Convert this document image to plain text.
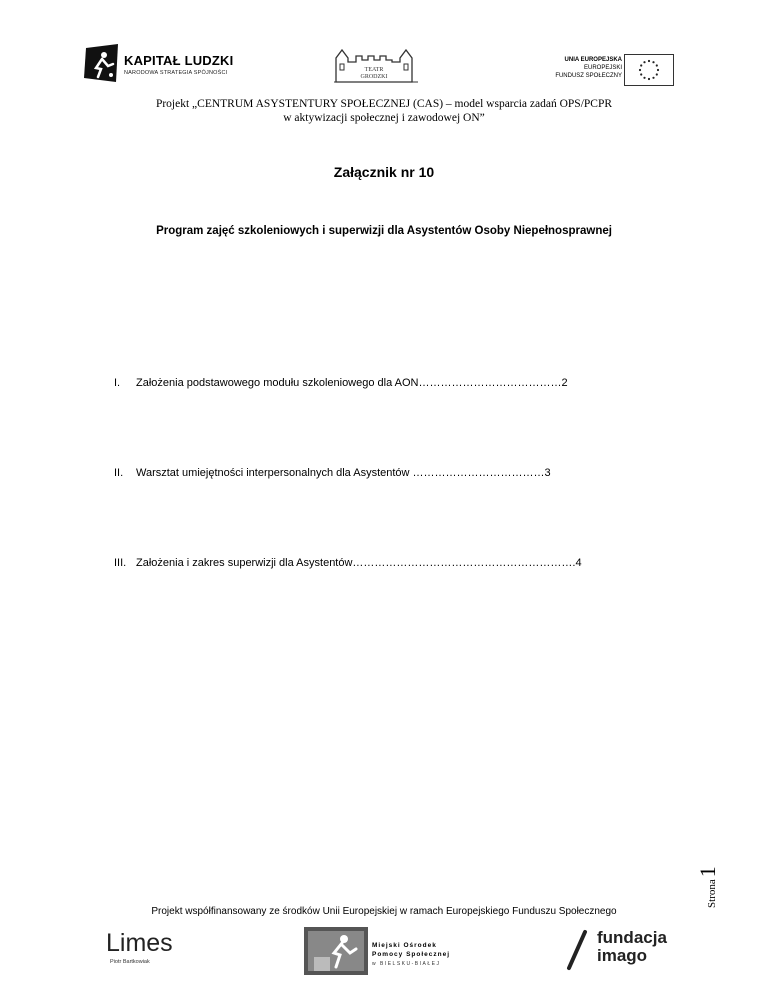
KAPITAŁ LUDZKI
NARODOWA STRATEGIA SPÓJNOŚCI	TEATR
GRODZKI
UNIA EUROPEJSKA
EUROPEJSKI
FUNDUSZ SPOŁECZNY
Projekt „CENTRUM ASYSTENTURY SPOŁECZNEJ (CAS) – model wsparcia zadań OPS/PCPR
w aktywizacji społecznej i zawodowej ON”
Załącznik nr 10
Program zajęć szkoleniowych i superwizji dla Asystentów Osoby Niepełnosprawnej
I.	Założenia podstawowego modułu szkoleniowego dla AON…………………………………2
II.	Warsztat umiejętności interpersonalnych dla Asystentów ………………………………3
III. Założenia i zakres superwizji dla Asystentów…………………………………………………….4
Strona
1
Projekt współfinansowany ze środków Unii Europejskiej w ramach Europejskiego Funduszu Społecznego
Limes
Piotr Bartkowiak
Miejski Ośrodek
Pomocy Społecznej
w BIELSKU-BIAŁEJ
fundacja
imago
